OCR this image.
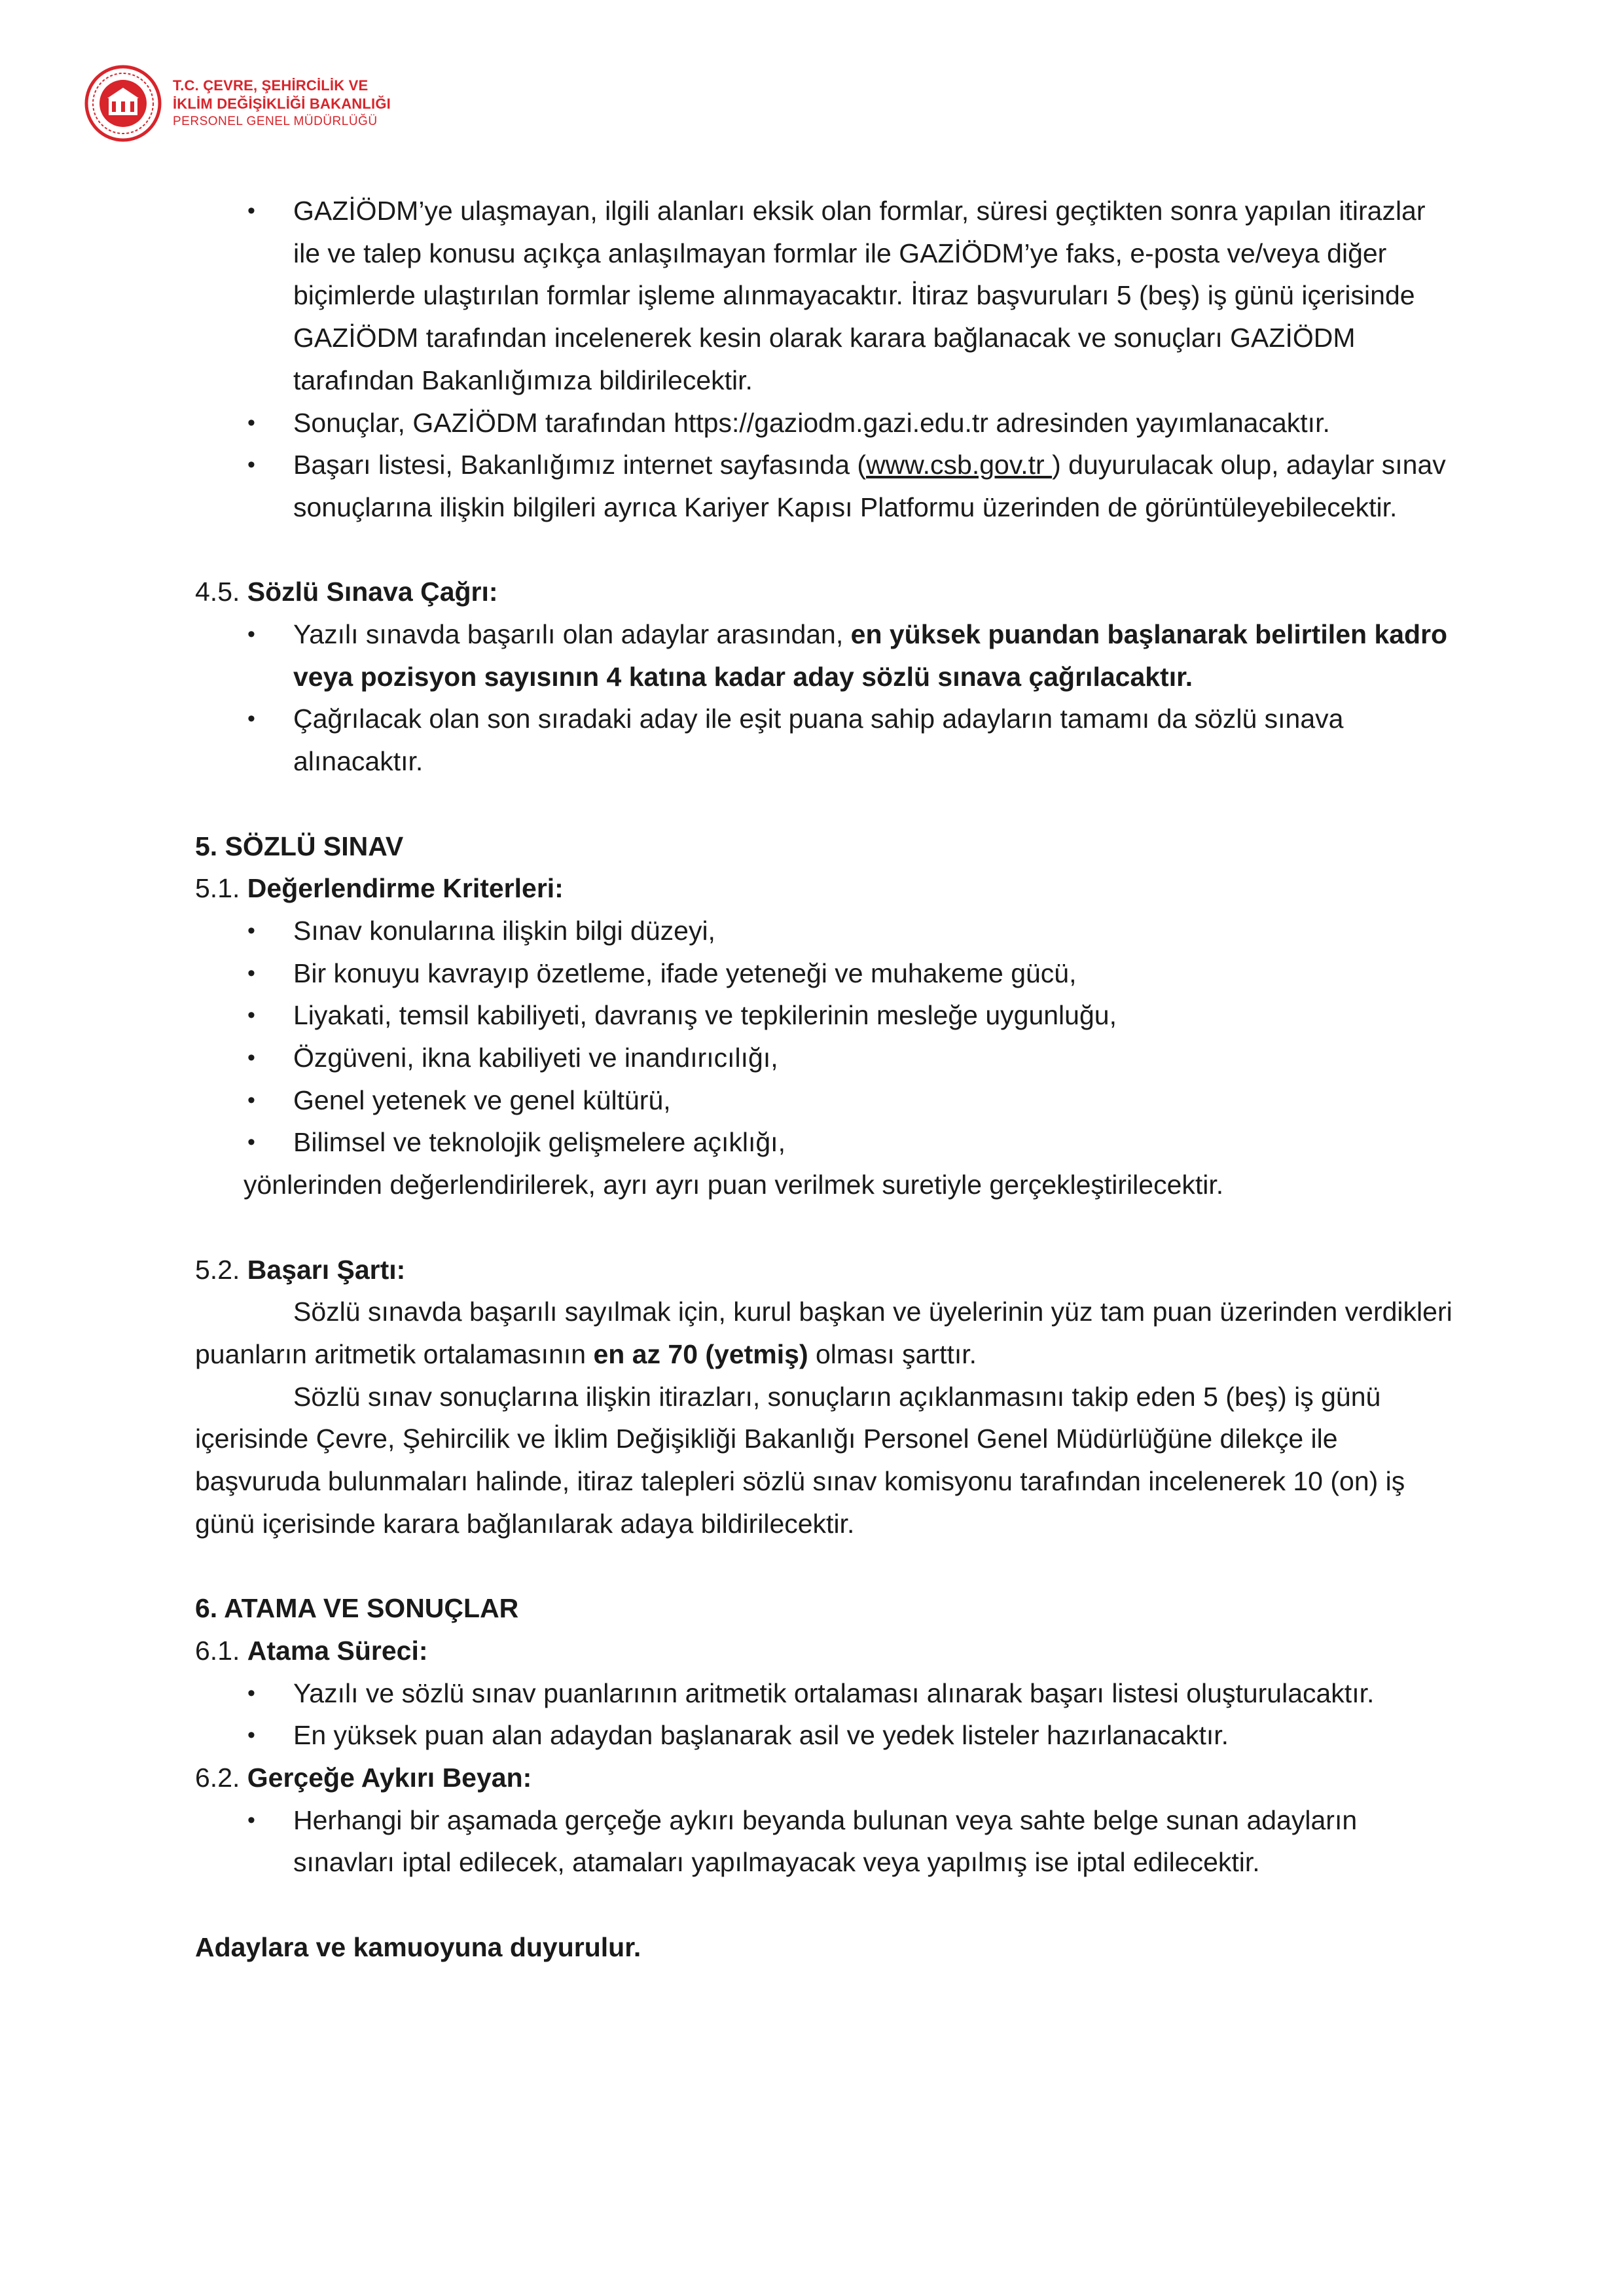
T.C. ÇEVRE, ŞEHİRCİLİK VE
İKLİM DEĞİŞİKLİĞİ BAKANLIĞI
PERSONEL GENEL MÜDÜRLÜĞÜ
• GAZİÖDM’ye ulaşmayan, ilgili alanları eksik olan formlar, süresi geçtikten sonra yapılan itirazlar ile ve talep konusu açıkça anlaşılmayan formlar ile GAZİÖDM’ye faks, e-posta ve/veya diğer biçimlerde ulaştırılan formlar işleme alınmayacaktır. İtiraz başvuruları 5 (beş) iş günü içerisinde GAZİÖDM tarafından incelenerek kesin olarak karara bağlanacak ve sonuçları GAZİÖDM tarafından Bakanlığımıza bildirilecektir.
• Sonuçlar, GAZİÖDM tarafından https://gaziodm.gazi.edu.tr adresinden yayımlanacaktır.
• Başarı listesi, Bakanlığımız internet sayfasında (www.csb.gov.tr ) duyurulacak olup, adaylar sınav sonuçlarına ilişkin bilgileri ayrıca Kariyer Kapısı Platformu üzerinden de görüntüleyebilecektir.

4.5. Sözlü Sınava Çağrı:

• Yazılı sınavda başarılı olan adaylar arasından, en yüksek puandan başlanarak belirtilen kadro veya pozisyon sayısının 4 katına kadar aday sözlü sınava çağrılacaktır.
• Çağrılacak olan son sıradaki aday ile eşit puana sahip adayların tamamı da sözlü sınava alınacaktır.

5. SÖZLÜ SINAV

5.1. Değerlendirme Kriterleri:

• Sınav konularına ilişkin bilgi düzeyi,
• Bir konuyu kavrayıp özetleme, ifade yeteneği ve muhakeme gücü,
• Liyakati, temsil kabiliyeti, davranış ve tepkilerinin mesleğe uygunluğu,
• Özgüveni, ikna kabiliyeti ve inandırıcılığı,
• Genel yetenek ve genel kültürü,
• Bilimsel ve teknolojik gelişmelere açıklığı,

yönlerinden değerlendirilerek, ayrı ayrı puan verilmek suretiyle gerçekleştirilecektir.

5.2. Başarı Şartı:

Sözlü sınavda başarılı sayılmak için, kurul başkan ve üyelerinin yüz tam puan üzerinden verdikleri puanların aritmetik ortalamasının en az 70 (yetmiş) olması şarttır.

Sözlü sınav sonuçlarına ilişkin itirazları, sonuçların açıklanmasını takip eden 5 (beş) iş günü içerisinde Çevre, Şehircilik ve İklim Değişikliği Bakanlığı Personel Genel Müdürlüğüne dilekçe ile başvuruda bulunmaları halinde, itiraz talepleri sözlü sınav komisyonu tarafından incelenerek 10 (on) iş günü içerisinde karara bağlanılarak adaya bildirilecektir.

6. ATAMA VE SONUÇLAR

6.1. Atama Süreci:

• Yazılı ve sözlü sınav puanlarının aritmetik ortalaması alınarak başarı listesi oluşturulacaktır.
• En yüksek puan alan adaydan başlanarak asil ve yedek listeler hazırlanacaktır.

6.2. Gerçeğe Aykırı Beyan:

• Herhangi bir aşamada gerçeğe aykırı beyanda bulunan veya sahte belge sunan adayların sınavları iptal edilecek, atamaları yapılmayacak veya yapılmış ise iptal edilecektir.

Adaylara ve kamuoyuna duyurulur.
